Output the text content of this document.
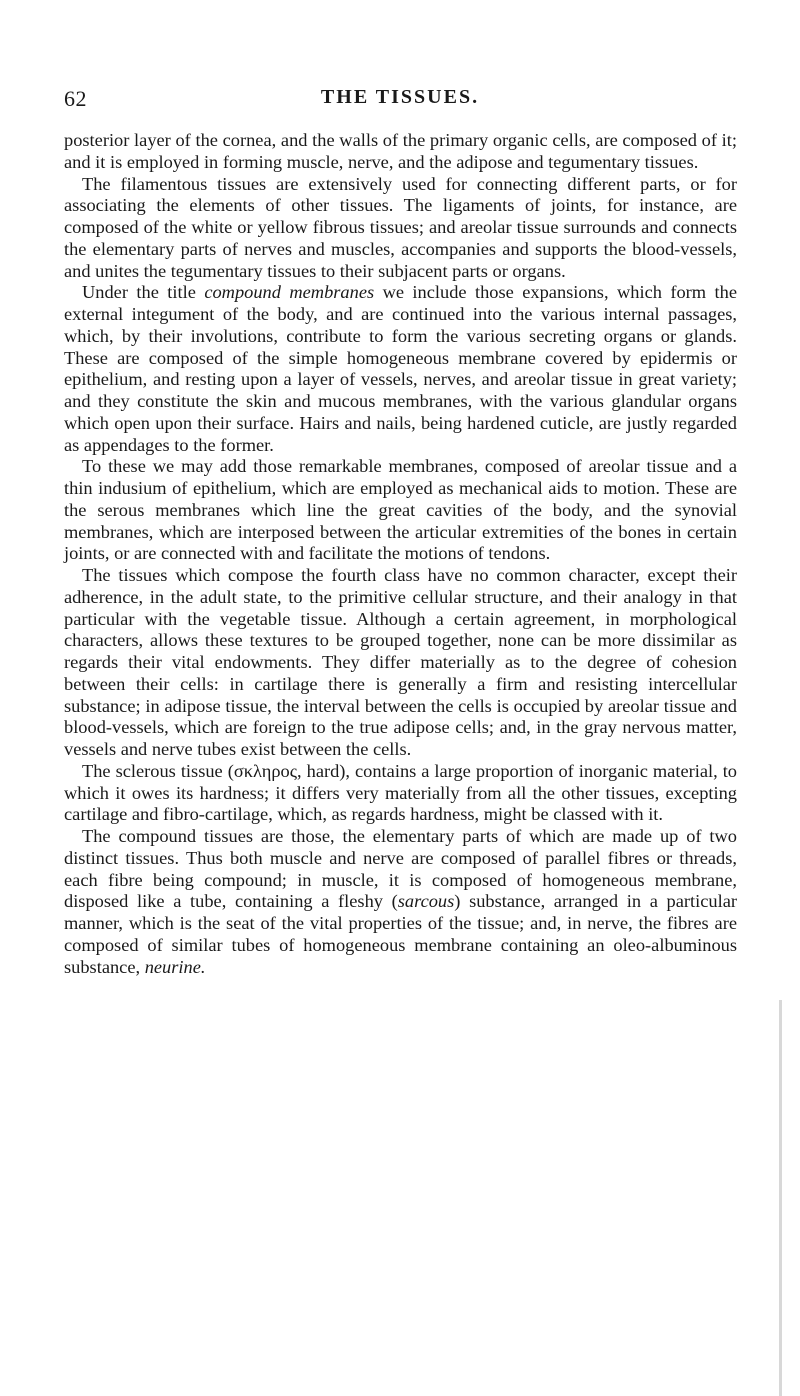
62	THE TISSUES.

posterior layer of the cornea, and the walls of the primary organic cells, are composed of it; and it is employed in forming muscle, nerve, and the adipose and tegumentary tissues.

The filamentous tissues are extensively used for connecting different parts, or for associating the elements of other tissues. The ligaments of joints, for instance, are composed of the white or yellow fibrous tissues; and areolar tissue surrounds and connects the elementary parts of nerves and muscles, accompanies and supports the blood-vessels, and unites the tegumentary tissues to their subjacent parts or organs.

Under the title compound membranes we include those expansions, which form the external integument of the body, and are continued into the various internal passages, which, by their involutions, contribute to form the various secreting organs or glands. These are composed of the simple homogeneous membrane covered by epidermis or epithelium, and resting upon a layer of vessels, nerves, and areolar tissue in great variety; and they constitute the skin and mucous membranes, with the various glandular organs which open upon their surface. Hairs and nails, being hardened cuticle, are justly regarded as appendages to the former.

To these we may add those remarkable membranes, composed of areolar tissue and a thin indusium of epithelium, which are employed as mechanical aids to motion. These are the serous membranes which line the great cavities of the body, and the synovial membranes, which are interposed between the articular extremities of the bones in certain joints, or are connected with and facilitate the motions of tendons.

The tissues which compose the fourth class have no common character, except their adherence, in the adult state, to the primitive cellular structure, and their analogy in that particular with the vegetable tissue. Although a certain agreement, in morphological characters, allows these textures to be grouped together, none can be more dissimilar as regards their vital endowments. They differ materially as to the degree of cohesion between their cells: in cartilage there is generally a firm and resisting intercellular substance; in adipose tissue, the interval between the cells is occupied by areolar tissue and blood-vessels, which are foreign to the true adipose cells; and, in the gray nervous matter, vessels and nerve tubes exist between the cells.

The sclerous tissue (σκληρος, hard), contains a large proportion of inorganic material, to which it owes its hardness; it differs very materially from all the other tissues, excepting cartilage and fibro-cartilage, which, as regards hardness, might be classed with it.

The compound tissues are those, the elementary parts of which are made up of two distinct tissues. Thus both muscle and nerve are composed of parallel fibres or threads, each fibre being compound; in muscle, it is composed of homogeneous membrane, disposed like a tube, containing a fleshy (sarcous) substance, arranged in a particular manner, which is the seat of the vital properties of the tissue; and, in nerve, the fibres are composed of similar tubes of homogeneous membrane containing an oleo-albuminous substance, neurine.
